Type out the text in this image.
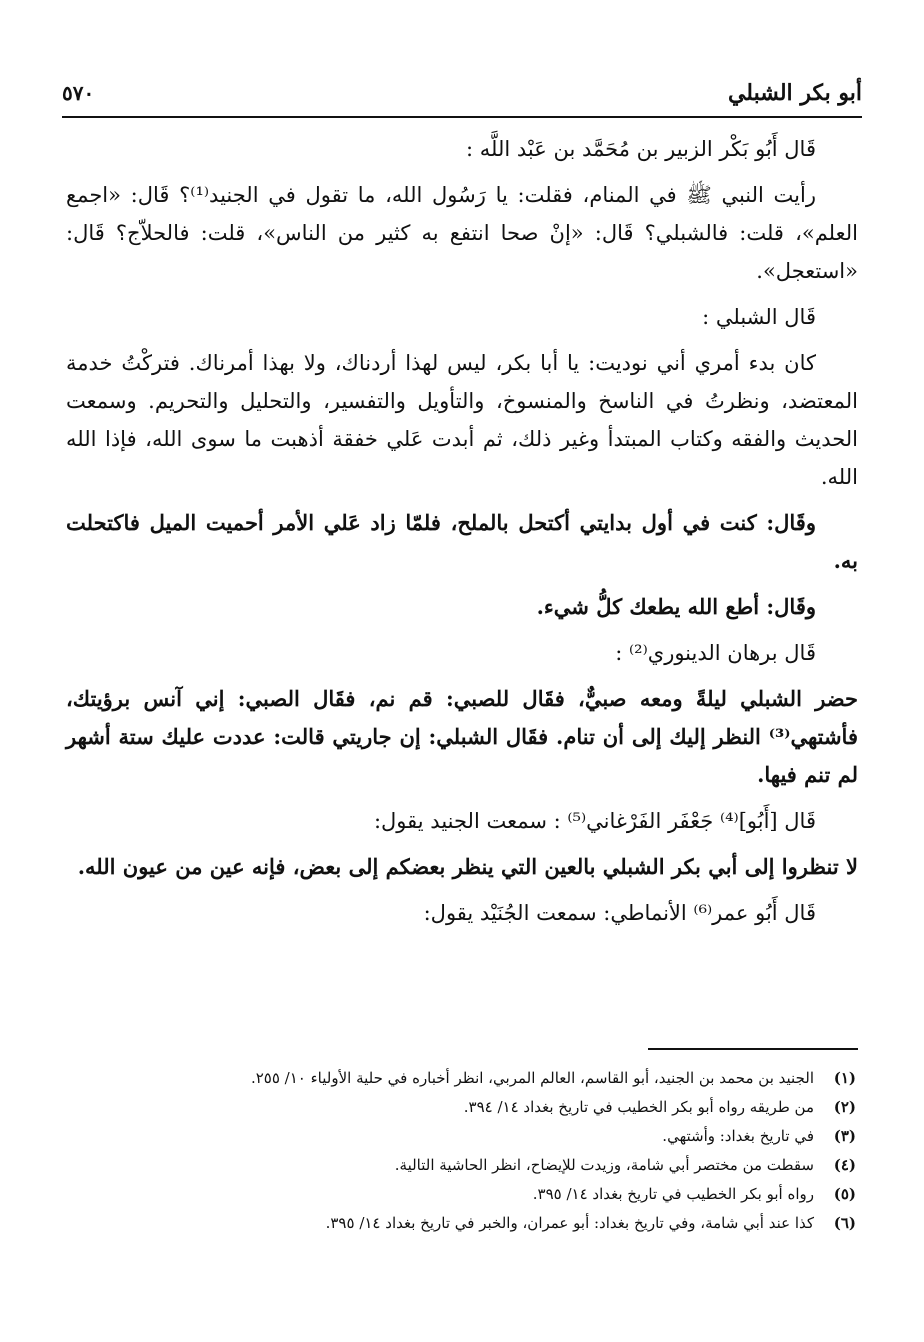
أبو بكر الشبلي
٥٧٠

قَال أَبُو بَكْر الزبير بن مُحَمَّد بن عَبْد اللَّه :

رأيت النبي ﷺ في المنام، فقلت: يا رَسُول الله، ما تقول في الجنيد⁽¹⁾؟ قَال: «اجمع العلم»، قلت: فالشبلي؟ قَال: «إنْ صحا انتفع به كثير من الناس»، قلت: فالحلاّج؟ قَال: «استعجل».

قَال الشبلي :

كان بدء أمري أني نوديت: يا أبا بكر، ليس لهذا أردناك، ولا بهذا أمرناك. فتركْتُ خدمة المعتضد، ونظرتُ في الناسخ والمنسوخ، والتأويل والتفسير، والتحليل والتحريم. وسمعت الحديث والفقه وكتاب المبتدأ وغير ذلك، ثم أبدت عَلي خفقة أذهبت ما سوى الله، فإذا الله الله.

وقَال: كنت في أول بدايتي أكتحل بالملح، فلمّا زاد عَلي الأمر أحميت الميل فاكتحلت به.

وقَال: أطع الله يطعك كلُّ شيء.

قَال برهان الدينوري⁽²⁾ :

حضر الشبلي ليلةً ومعه صبيٌّ، فقَال للصبي: قم نم، فقَال الصبي: إني آنس برؤيتك، فأشتهي⁽³⁾ النظر إليك إلى أن تنام. فقَال الشبلي: إن جاريتي قالت: عددت عليك ستة أشهر لم تنم فيها.

قَال [أَبُو]⁽⁴⁾ جَعْفَر الفَرْغاني⁽⁵⁾ : سمعت الجنيد يقول:

لا تنظروا إلى أبي بكر الشبلي بالعين التي ينظر بعضكم إلى بعض، فإنه عين من عيون الله.

قَال أَبُو عمر⁽⁶⁾ الأنماطي: سمعت الجُنَيْد يقول:

(١)
الجنيد بن محمد بن الجنيد، أبو القاسم، العالم المربي، انظر أخباره في حلية الأولياء ١٠/ ٢٥٥.
(٢)
من طريقه رواه أبو بكر الخطيب في تاريخ بغداد ١٤/ ٣٩٤.
(٣)
في تاريخ بغداد: وأشتهي.
(٤)
سقطت من مختصر أبي شامة، وزيدت للإيضاح، انظر الحاشية التالية.
(٥)
رواه أبو بكر الخطيب في تاريخ بغداد ١٤/ ٣٩٥.
(٦)
كذا عند أبي شامة، وفي تاريخ بغداد: أبو عمران، والخبر في تاريخ بغداد ١٤/ ٣٩٥.
